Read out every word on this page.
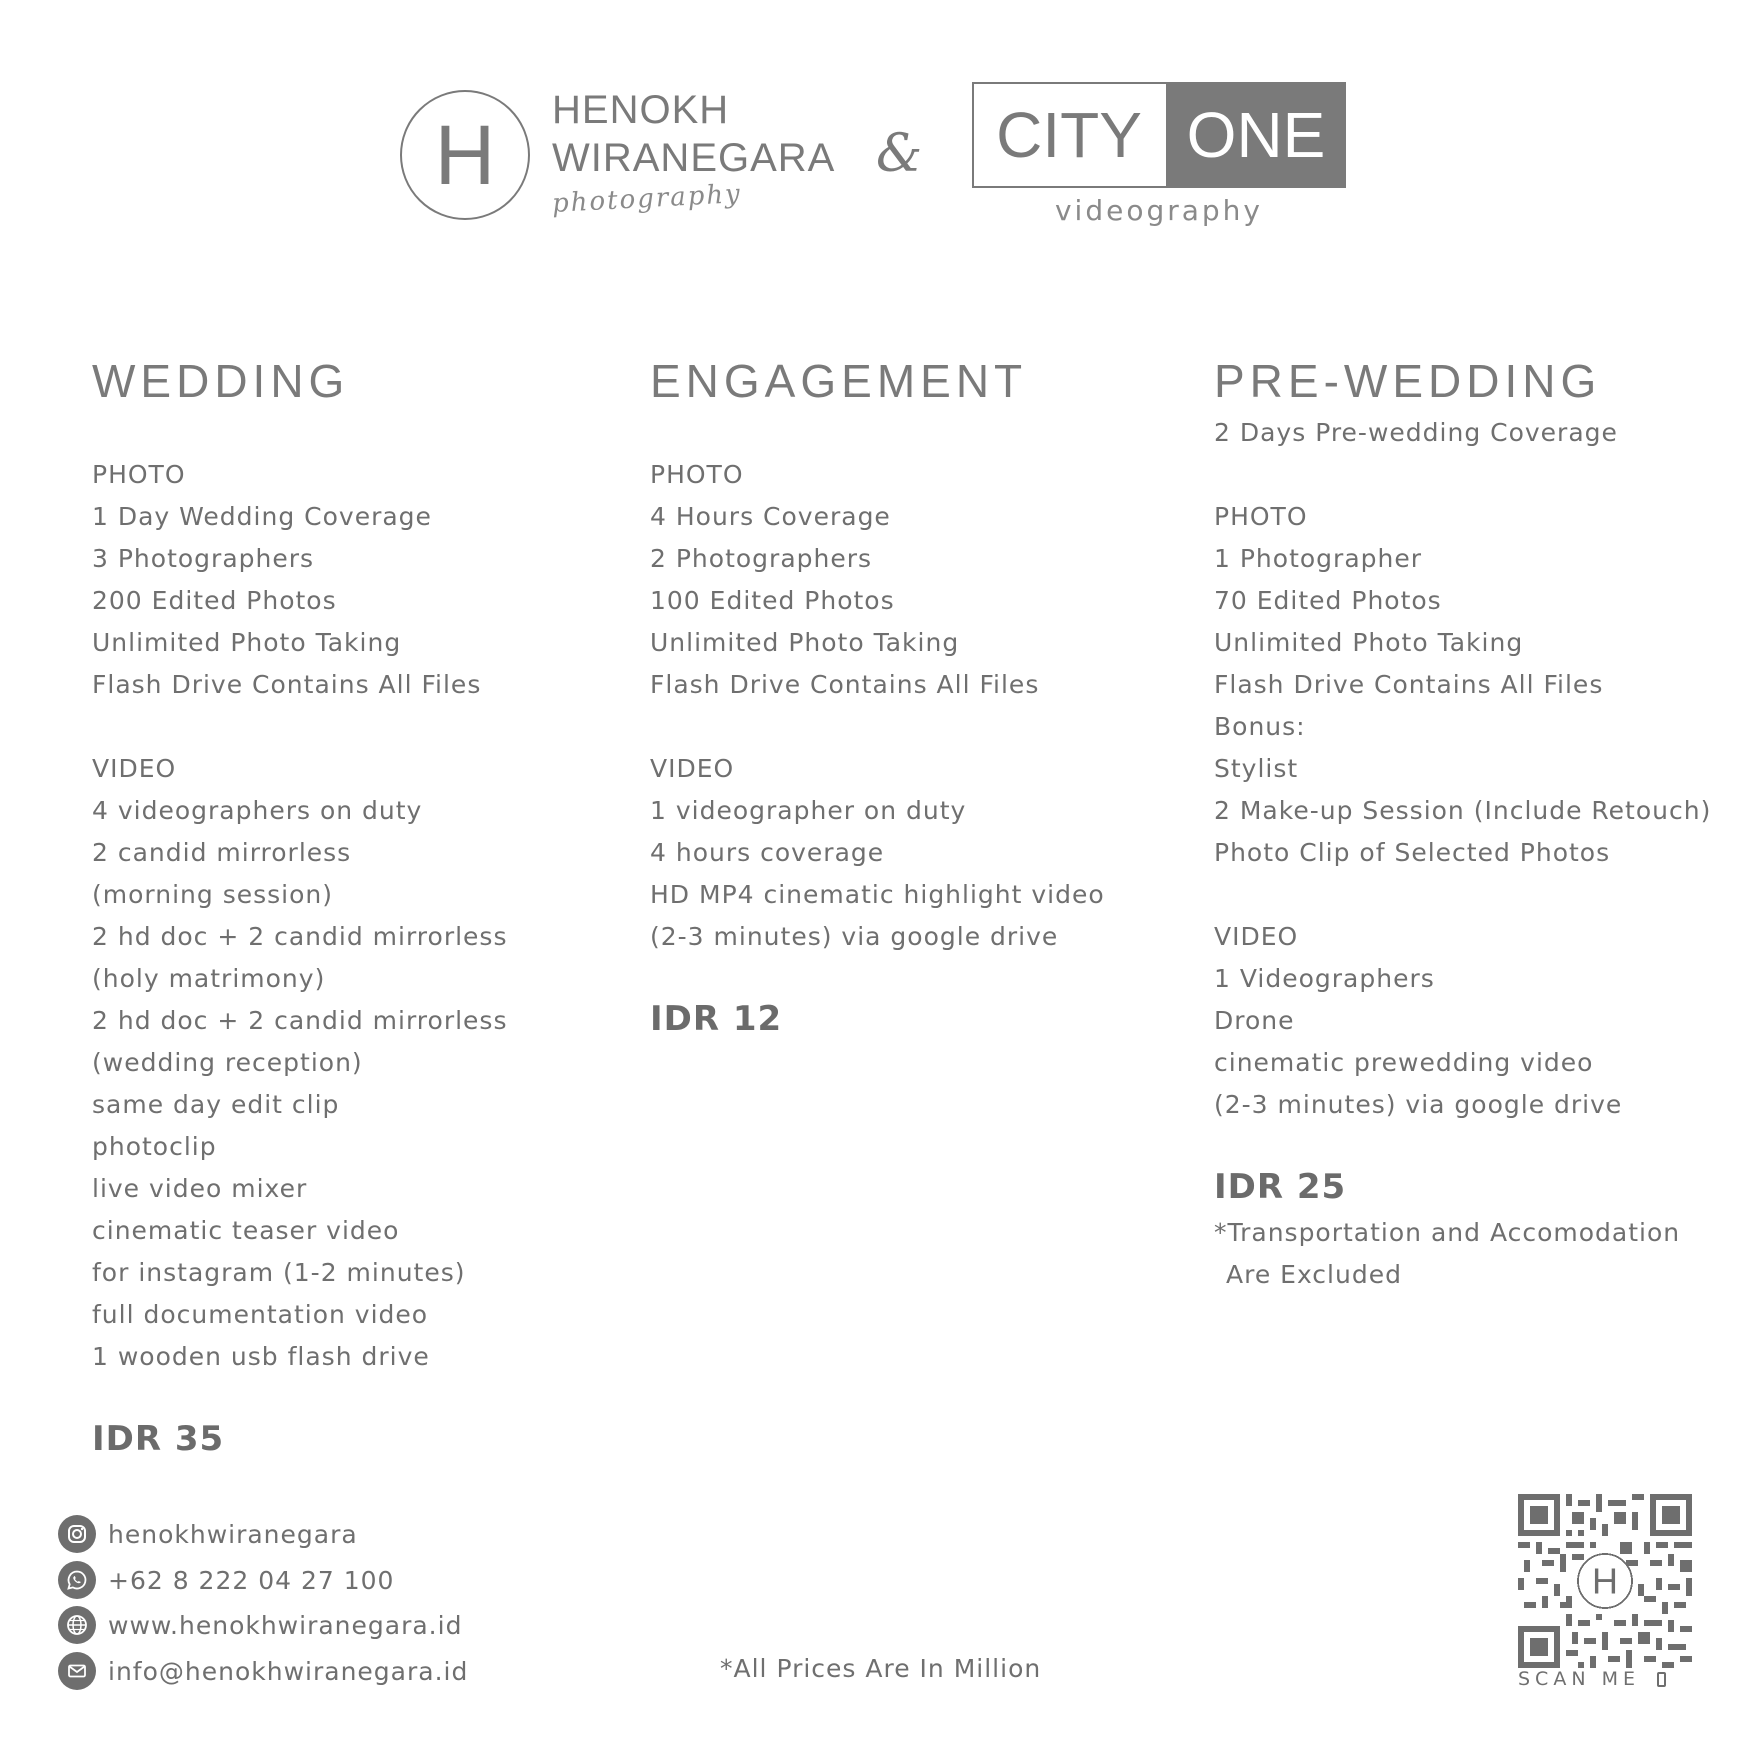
H	HENOKH
WIRANEGARA
photography
&	CITY ONE
videography
WEDDING
PHOTO
1 Day Wedding Coverage
3 Photographers
200 Edited Photos
Unlimited Photo Taking
Flash Drive Contains All Files
VIDEO
4 videographers on duty
2 candid mirrorless
(morning session)
2 hd doc + 2 candid mirrorless
(holy matrimony)
2 hd doc + 2 candid mirrorless
(wedding reception)
same day edit clip
photoclip
live video mixer
cinematic teaser video
for instagram (1-2 minutes)
full documentation video
1 wooden usb flash drive
IDR 35
ENGAGEMENT
PHOTO
4 Hours Coverage
2 Photographers
100 Edited Photos
Unlimited Photo Taking
Flash Drive Contains All Files
VIDEO
1 videographer on duty
4 hours coverage
HD MP4 cinematic highlight video
(2-3 minutes) via google drive
IDR 12
PRE-WEDDING
2 Days Pre-wedding Coverage
PHOTO
1 Photographer
70 Edited Photos
Unlimited Photo Taking
Flash Drive Contains All Files
Bonus:
Stylist
2 Make-up Session (Include Retouch)
Photo Clip of Selected Photos
VIDEO
1 Videographers
Drone
cinematic prewedding video
(2-3 minutes) via google drive
IDR 25
*Transportation and Accomodation
Are Excluded
henokhwiranegara
+62 8 222 04 27 100
www.henokhwiranegara.id
info@henokhwiranegara.id	*All Prices Are In Million
H
SCAN ME
